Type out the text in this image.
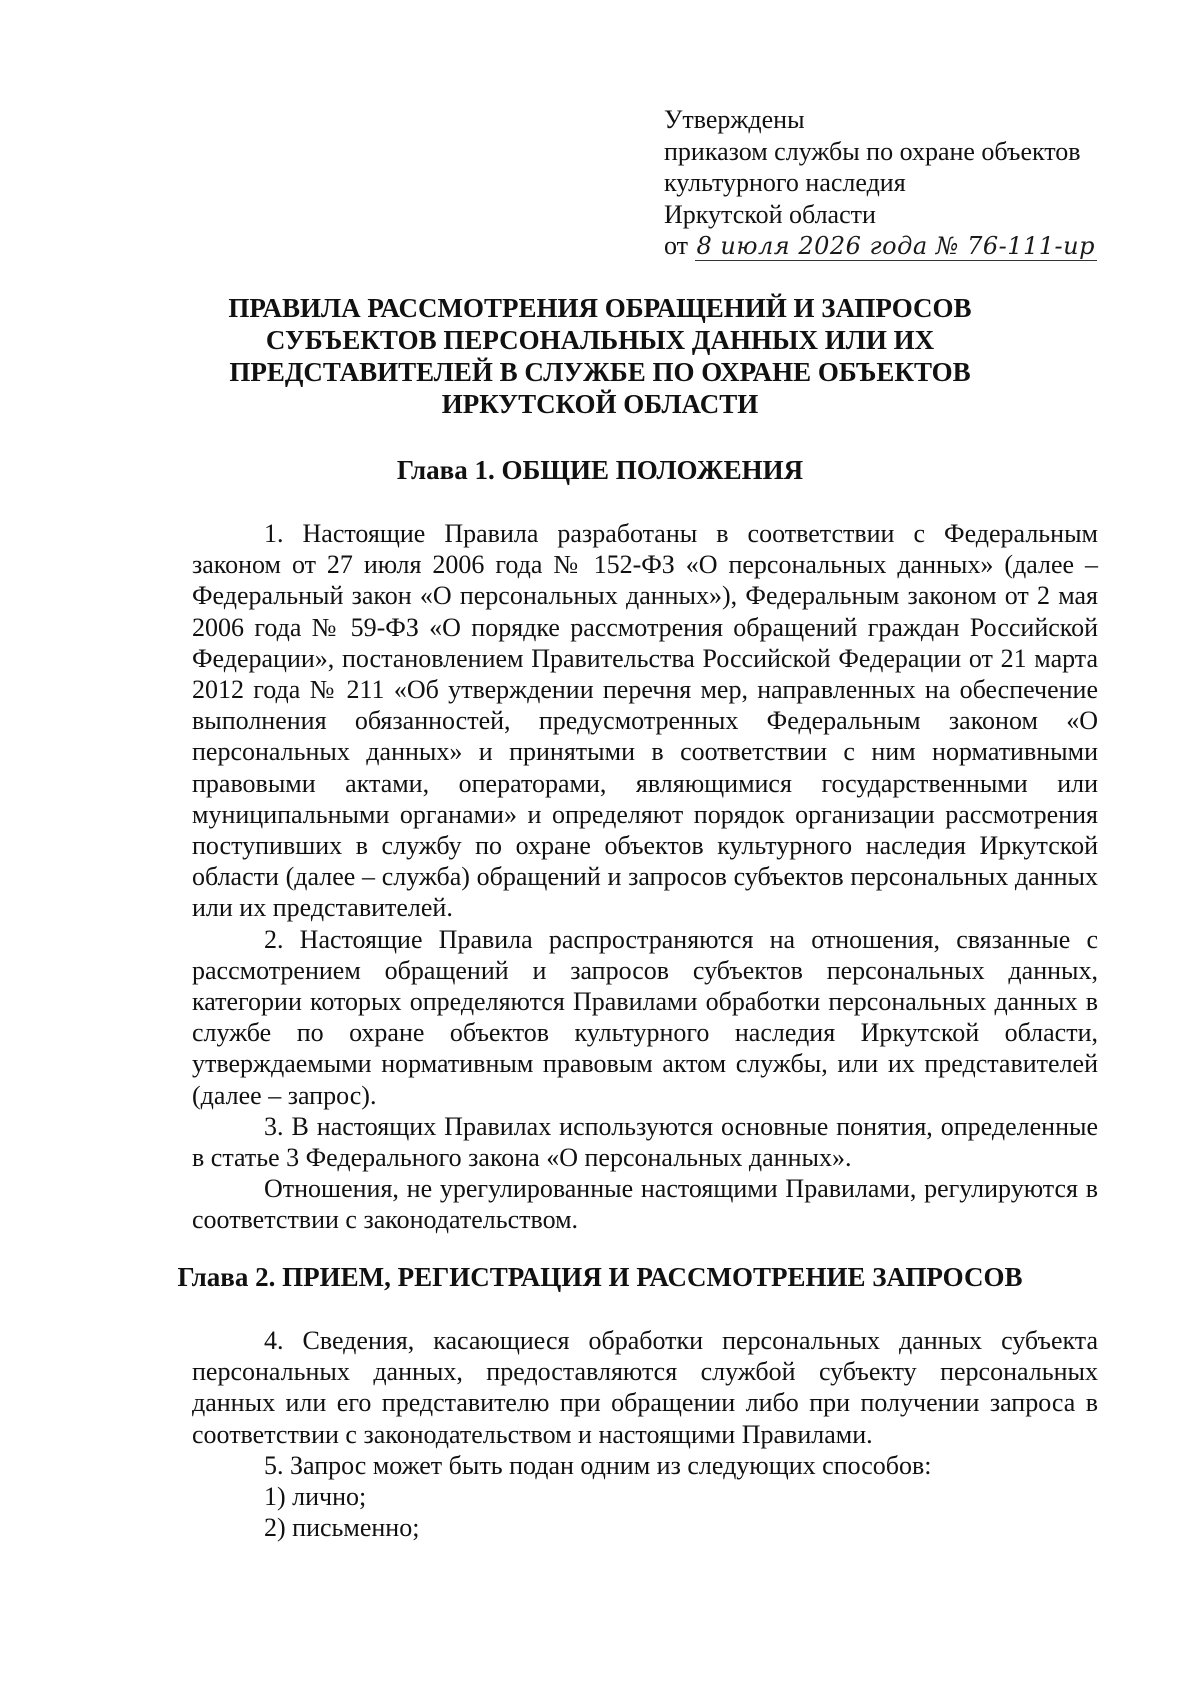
Утверждены
приказом службы по охране объектов
культурного наследия
Иркутской области
от 8 июля 2026 года № 76-111-ир
ПРАВИЛА РАССМОТРЕНИЯ ОБРАЩЕНИЙ И ЗАПРОСОВ
СУБЪЕКТОВ ПЕРСОНАЛЬНЫХ ДАННЫХ ИЛИ ИХ
ПРЕДСТАВИТЕЛЕЙ В СЛУЖБЕ ПО ОХРАНЕ ОБЪЕКТОВ
ИРКУТСКОЙ ОБЛАСТИ
Глава 1. ОБЩИЕ ПОЛОЖЕНИЯ

1. Настоящие Правила разработаны в соответствии с Федеральным законом от 27 июля 2006 года № 152-ФЗ «О персональных данных» (далее – Федеральный закон «О персональных данных»), Федеральным законом от 2 мая 2006 года № 59-ФЗ «О порядке рассмотрения обращений граждан Российской Федерации», постановлением Правительства Российской Федерации от 21 марта 2012 года № 211 «Об утверждении перечня мер, направленных на обеспечение выполнения обязанностей, предусмотренных Федеральным законом «О персональных данных» и принятыми в соответствии с ним нормативными правовыми актами, операторами, являющимися государственными или муниципальными органами» и определяют порядок организации рассмотрения поступивших в службу по охране объектов культурного наследия Иркутской области (далее – служба) обращений и запросов субъектов персональных данных или их представителей.

2. Настоящие Правила распространяются на отношения, связанные с рассмотрением обращений и запросов субъектов персональных данных, категории которых определяются Правилами обработки персональных данных в службе по охране объектов культурного наследия Иркутской области, утверждаемыми нормативным правовым актом службы, или их представителей (далее – запрос).

3. В настоящих Правилах используются основные понятия, определенные в статье 3 Федерального закона «О персональных данных».

Отношения, не урегулированные настоящими Правилами, регулируются в соответствии с законодательством.

Глава 2. ПРИЕМ, РЕГИСТРАЦИЯ И РАССМОТРЕНИЕ ЗАПРОСОВ

4. Сведения, касающиеся обработки персональных данных субъекта персональных данных, предоставляются службой субъекту персональных данных или его представителю при обращении либо при получении запроса в соответствии с законодательством и настоящими Правилами.

5. Запрос может быть подан одним из следующих способов:

1) лично;

2) письменно;
